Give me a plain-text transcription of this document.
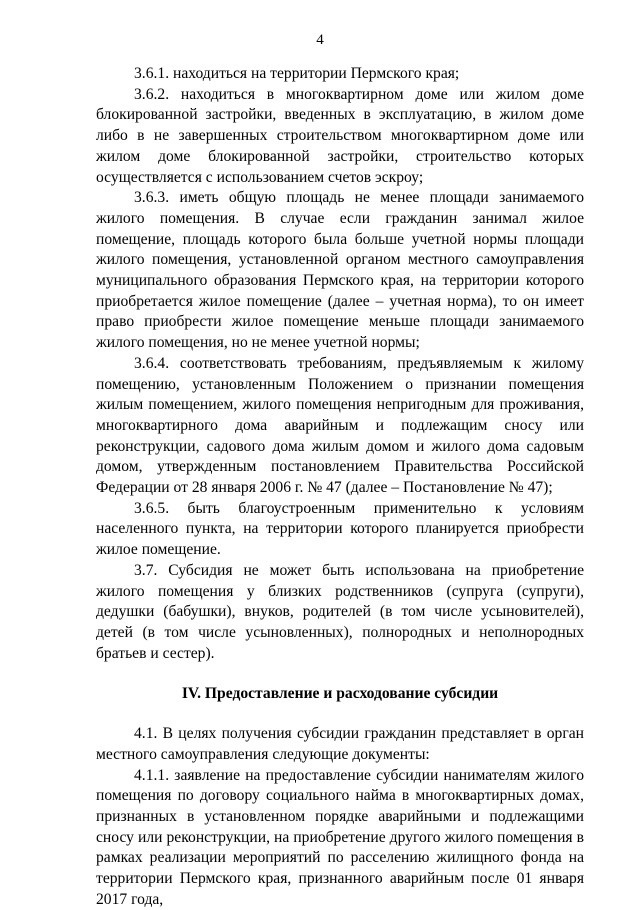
4

3.6.1. находиться на территории Пермского края;

3.6.2. находиться в многоквартирном доме или жилом доме блокированной застройки, введенных в эксплуатацию, в жилом доме либо в не завершенных строительством многоквартирном доме или жилом доме блокированной застройки, строительство которых осуществляется с использованием счетов эскроу;

3.6.3. иметь общую площадь не менее площади занимаемого жилого помещения. В случае если гражданин занимал жилое помещение, площадь которого была больше учетной нормы площади жилого помещения, установленной органом местного самоуправления муниципального образования Пермского края, на территории которого приобретается жилое помещение (далее – учетная норма), то он имеет право приобрести жилое помещение меньше площади занимаемого жилого помещения, но не менее учетной нормы;

3.6.4. соответствовать требованиям, предъявляемым к жилому помещению, установленным Положением о признании помещения жилым помещением, жилого помещения непригодным для проживания, многоквартирного дома аварийным и подлежащим сносу или реконструкции, садового дома жилым домом и жилого дома садовым домом, утвержденным постановлением Правительства Российской Федерации от 28 января 2006 г. № 47 (далее – Постановление № 47);

3.6.5. быть благоустроенным применительно к условиям населенного пункта, на территории которого планируется приобрести жилое помещение.

3.7. Субсидия не может быть использована на приобретение жилого помещения у близких родственников (супруга (супруги), дедушки (бабушки), внуков, родителей (в том числе усыновителей), детей (в том числе усыновленных), полнородных и неполнородных братьев и сестер).

IV. Предоставление и расходование субсидии

4.1. В целях получения субсидии гражданин представляет в орган местного самоуправления следующие документы:

4.1.1. заявление на предоставление субсидии нанимателям жилого помещения по договору социального найма в многоквартирных домах, признанных в установленном порядке аварийными и подлежащими сносу или реконструкции, на приобретение другого жилого помещения в рамках реализации мероприятий по расселению жилищного фонда на территории Пермского края, признанного аварийным после 01 января 2017 года,
